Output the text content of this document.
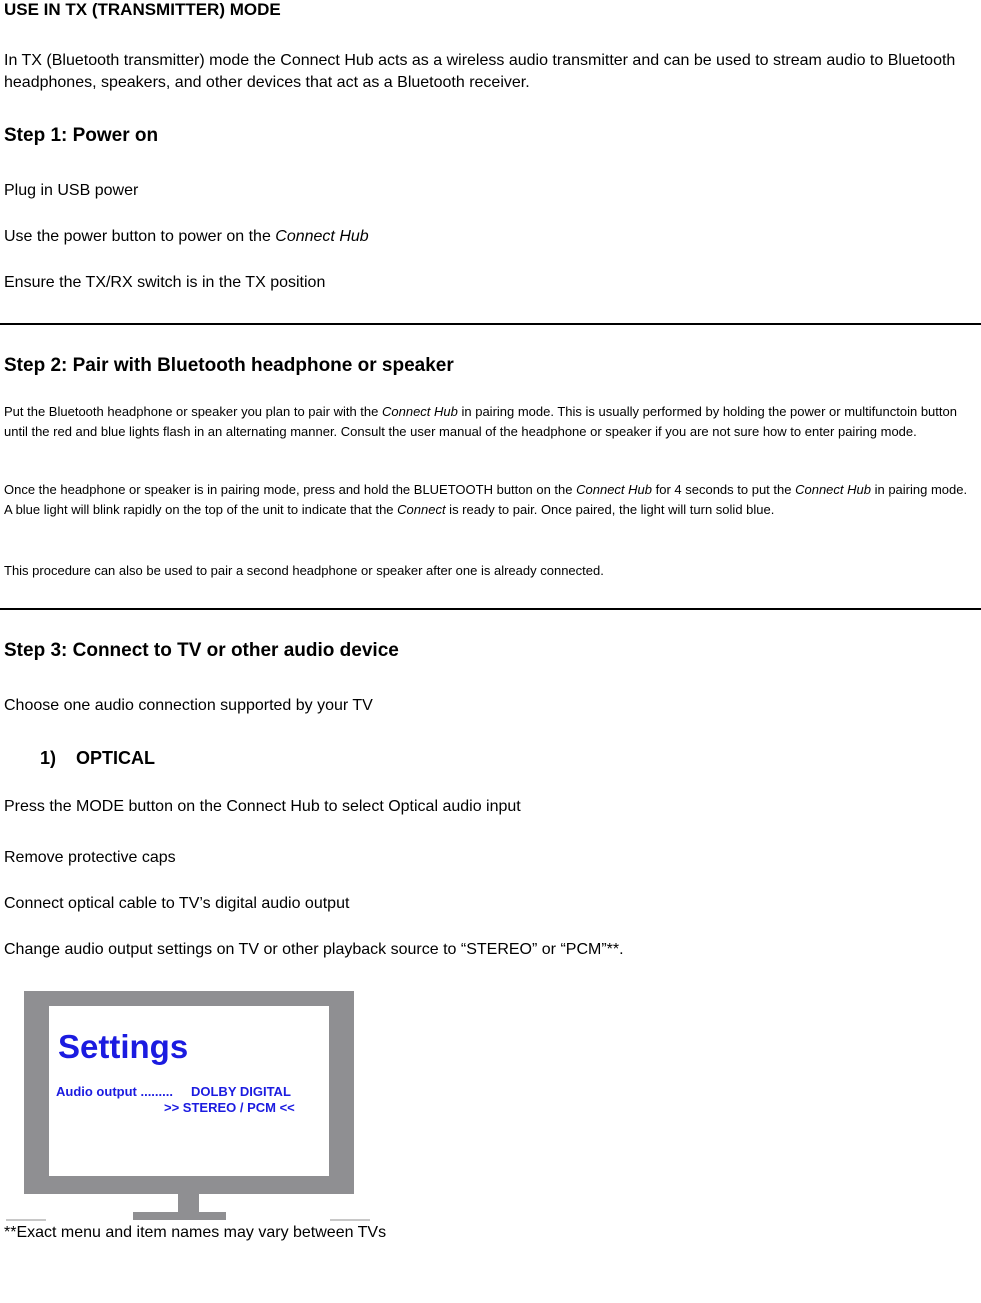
USE IN TX (TRANSMITTER) MODE

In TX (Bluetooth transmitter) mode the Connect Hub acts as a wireless audio transmitter and can be used to stream audio to Bluetooth headphones, speakers, and other devices that act as a Bluetooth receiver.

Step 1: Power on

Plug in USB power

Use the power button to power on the Connect Hub

Ensure the TX/RX switch is in the TX position

Step 2: Pair with Bluetooth headphone or speaker

Put the Bluetooth headphone or speaker you plan to pair with the Connect Hub in pairing mode. This is usually performed by holding the power or multifunctoin button until the red and blue lights flash in an alternating manner. Consult the user manual of the headphone or speaker if you are not sure how to enter pairing mode.

Once the headphone or speaker is in pairing mode, press and hold the BLUETOOTH button on the Connect Hub for 4 seconds to put the Connect Hub in pairing mode. A blue light will blink rapidly on the top of the unit to indicate that the Connect is ready to pair. Once paired, the light will turn solid blue.

This procedure can also be used to pair a second headphone or speaker after one is already connected.

Step 3: Connect to TV or other audio device

Choose one audio connection supported by your TV

1) OPTICAL

Press the MODE button on the Connect Hub to select Optical audio input

Remove protective caps

Connect optical cable to TV’s digital audio output

Change audio output settings on TV or other playback source to “STEREO” or “PCM”**.

Settings

Audio output ......... DOLBY DIGITAL
>> STEREO / PCM <<

**Exact menu and item names may vary between TVs
